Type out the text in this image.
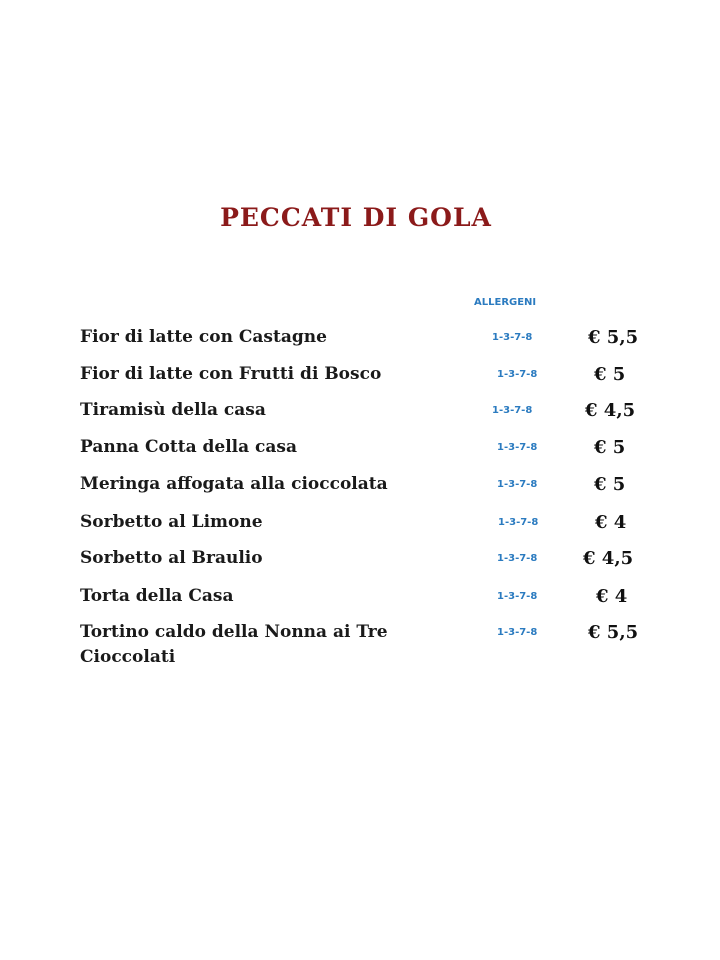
PECCATI DI GOLA
ALLERGENI
Fior di latte con Castagne	1-3-7-8	€ 5,5
Fior di latte con Frutti di Bosco	1-3-7-8	€ 5
Tiramisù della casa	1-3-7-8	€ 4,5
Panna Cotta della casa	1-3-7-8	€ 5
Meringa affogata alla cioccolata	1-3-7-8	€ 5
Sorbetto al Limone	1-3-7-8	€ 4
Sorbetto al Braulio	1-3-7-8	€ 4,5
Torta della Casa	1-3-7-8	€ 4
Tortino caldo della Nonna ai Tre Cioccolati
1-3-7-8	€ 5,5
